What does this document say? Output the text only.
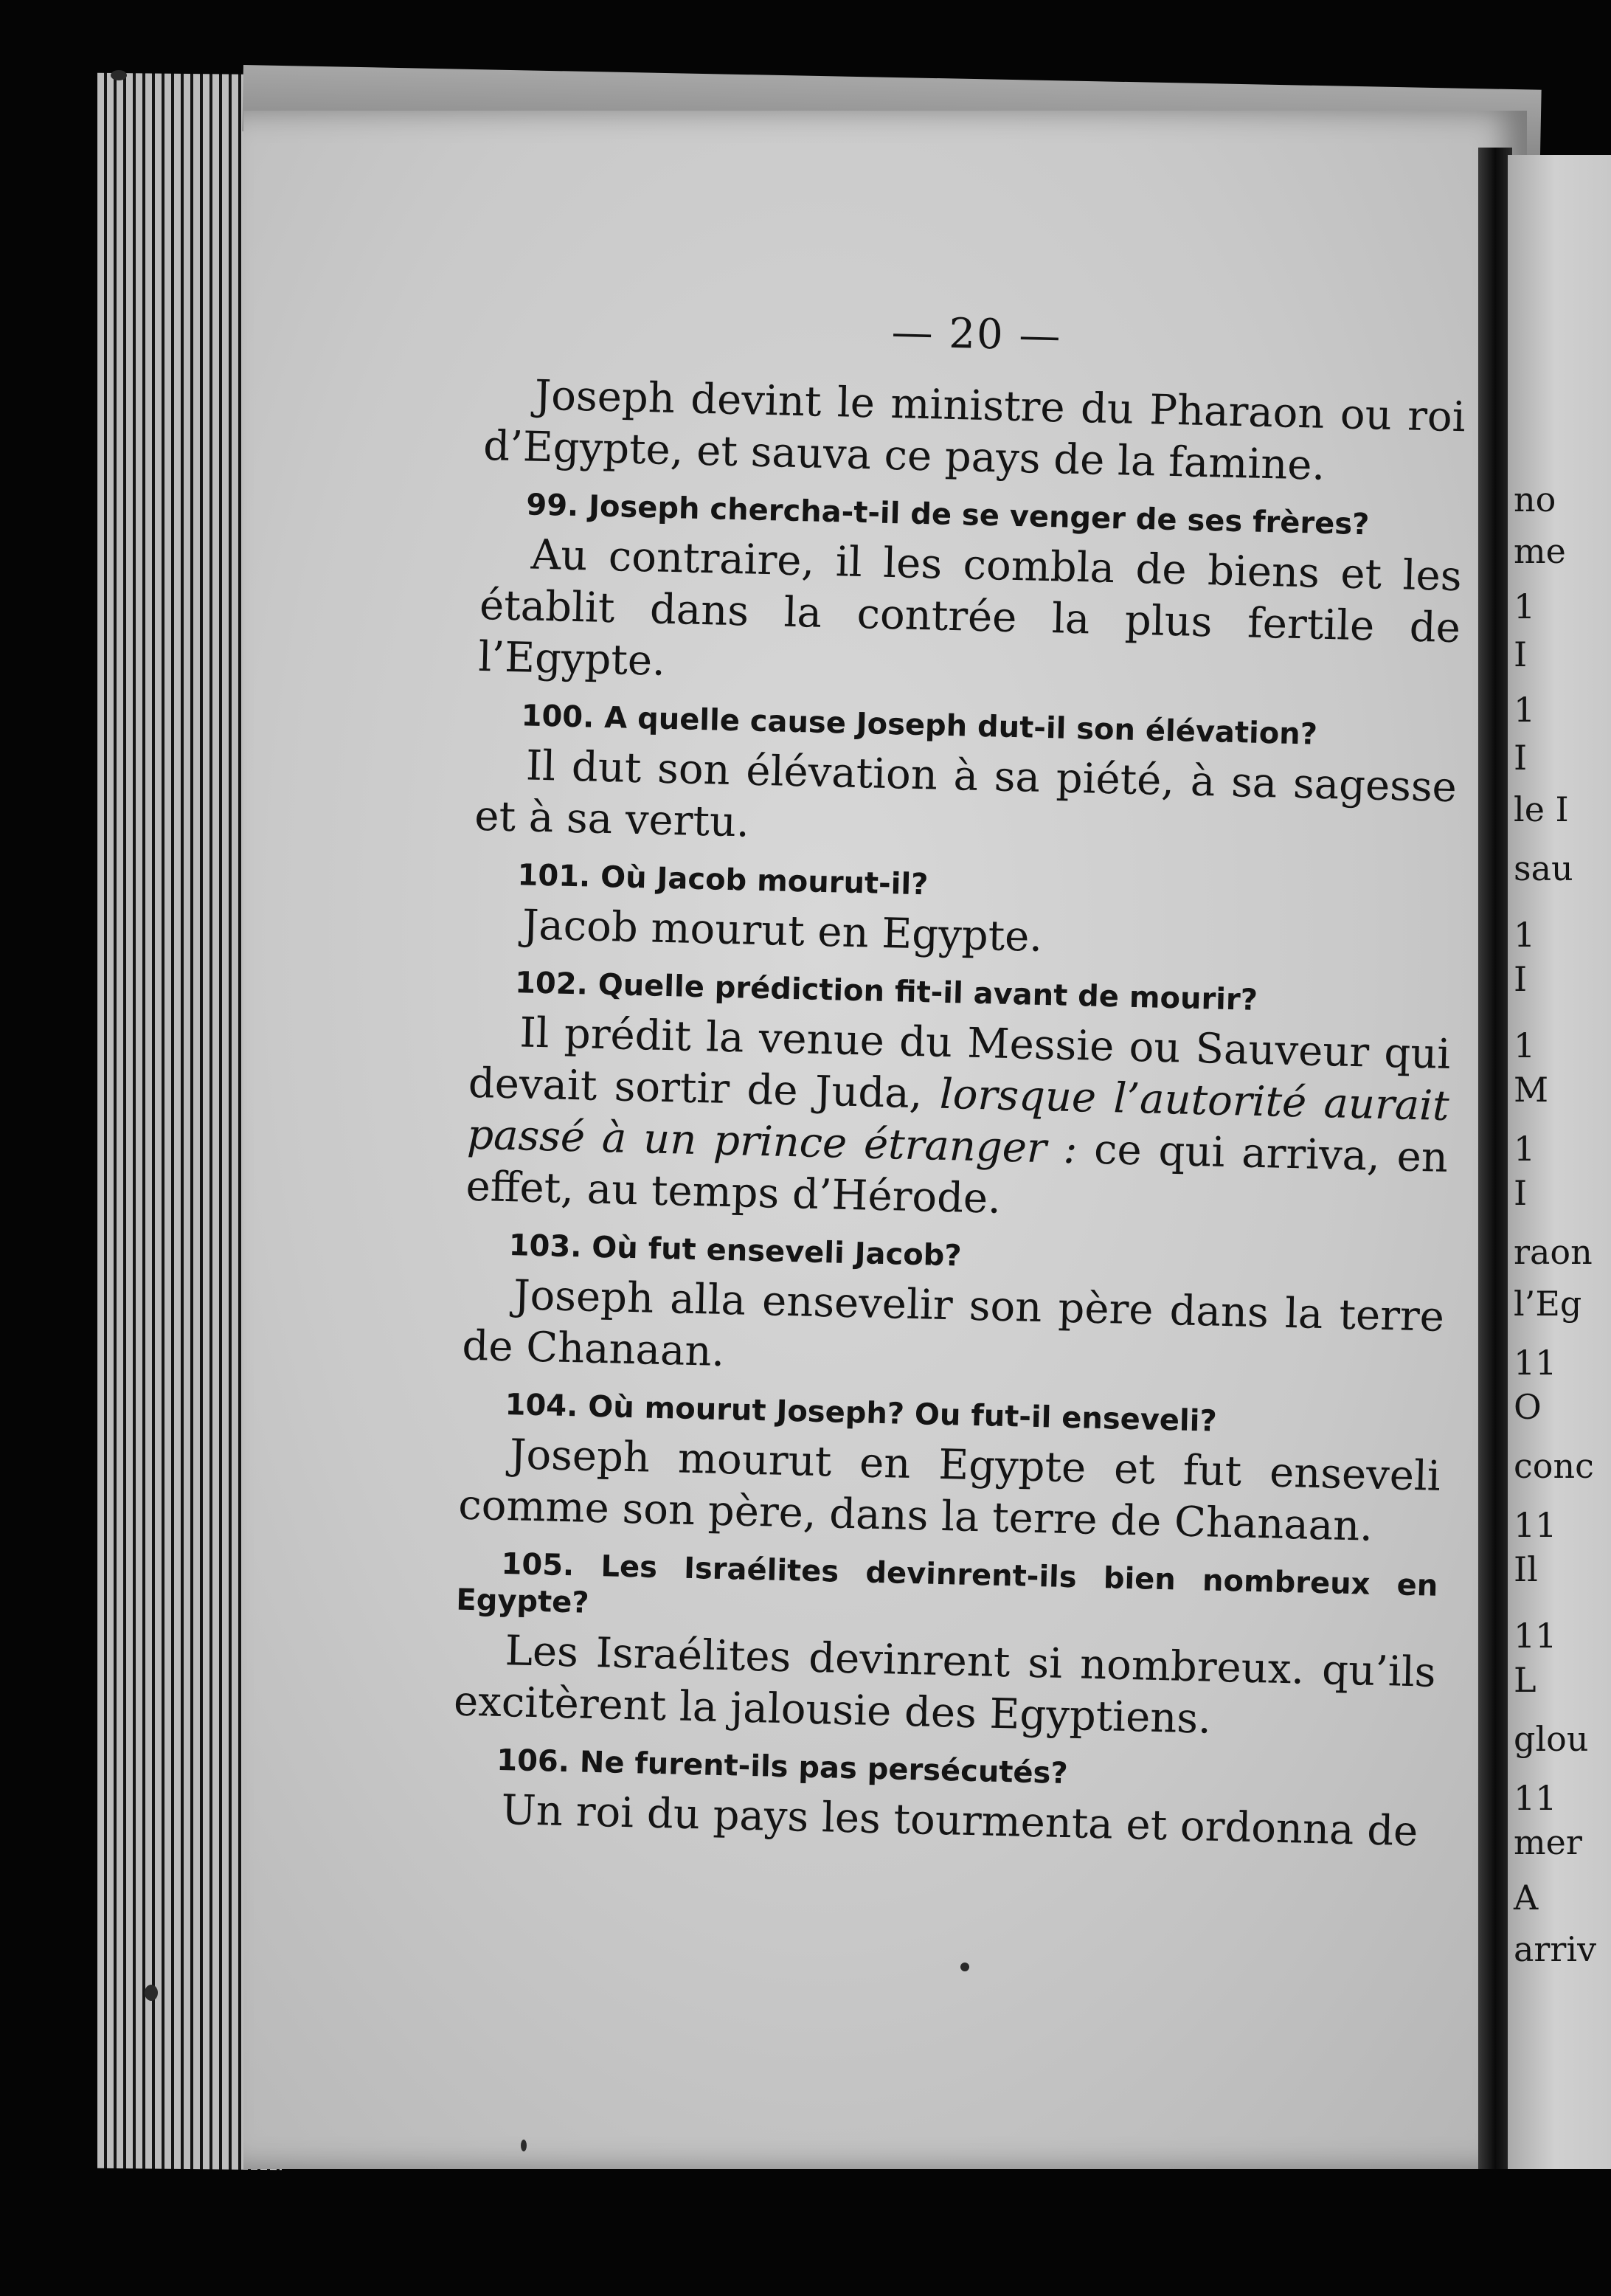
— 20 —

Joseph devint le ministre du Pharaon ou roi d’Egypte, et sauva ce pays de la famine.

99. Joseph chercha-t-il de se venger de ses frères?

Au contraire, il les combla de biens et les établit dans la contrée la plus fertile de l’Egypte.

100. A quelle cause Joseph dut-il son élévation?

Il dut son élévation à sa piété, à sa sagesse et à sa vertu.

101. Où Jacob mourut-il?

Jacob mourut en Egypte.

102. Quelle prédiction fit-il avant de mourir?

Il prédit la venue du Messie ou Sauveur qui devait sortir de Juda, lorsque l’autorité aurait passé à un prince étranger : ce qui arriva, en effet, au temps d’Hérode.

103. Où fut enseveli Jacob?

Joseph alla ensevelir son père dans la terre de Chanaan.

104. Où mourut Joseph? Ou fut-il enseveli?

Joseph mourut en Egypte et fut enseveli comme son père, dans la terre de Chanaan.

105. Les Israélites devinrent-ils bien nombreux en Egypte?

Les Israélites devinrent si nombreux. qu’ils excitèrent la jalousie des Egyptiens.

106. Ne furent-ils pas persécutés?

Un roi du pays les tourmenta et ordonna de

no
me
1
I
1
I
le I
sau
1
I
1
M
1
I
raon
l’Eg
11
O
conc
11
Il
11
L
glou
11
mer
A
arriv
